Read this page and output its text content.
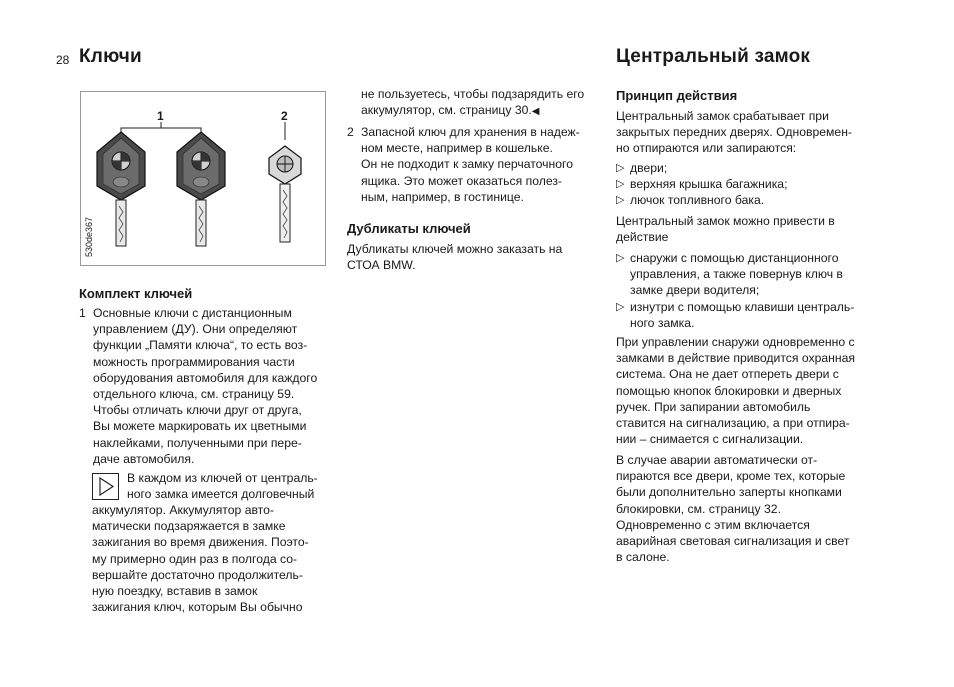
28 Ключи
1	2
530de367
Комплект ключей
1 Основные ключи с дистанционным
управлением (ДУ). Они определяют
функции „Памяти ключа“, то есть воз-
можность программирования части
оборудования автомобиля для каждого
отдельного ключа, см. страницу 59.
Чтобы отличать ключи друг от друга,
Вы можете маркировать их цветными
наклейками, полученными при пере-
даче автомобиля.
В каждом из ключей от централь-
ного замка имеется долговечный
аккумулятор. Аккумулятор авто-
матически подзаряжается в замке
зажигания во время движения. Поэто-
му примерно один раз в полгода со-
вершайте достаточно продолжитель-
ную поездку, вставив в замок
зажигания ключ, которым Вы обычно
не пользуетесь, чтобы подзарядить его
аккумулятор, см. страницу 30.◀
2 Запасной ключ для хранения в надеж-
ном месте, например в кошельке.
Он не подходит к замку перчаточного
ящика. Это может оказаться полез-
ным, например, в гостинице.
Дубликаты ключей
Дубликаты ключей можно заказать на
СТОА BMW.
Центральный замок
Принцип действия
Центральный замок срабатывает при
закрытых передних дверях. Одновремен-
но отпираются или запираются:
▷ двери;
▷ верхняя крышка багажника;
▷ лючок топливного бака.
Центральный замок можно привести в
действие
▷ снаружи с помощью дистанционного
управления, а также повернув ключ в
замке двери водителя;
▷ изнутри с помощью клавиши централь-
ного замка.
При управлении снаружи одновременно с
замками в действие приводится охранная
система. Она не дает отпереть двери с
помощью кнопок блокировки и дверных
ручек. При запирании автомобиль
ставится на сигнализацию, а при отпира-
нии – снимается с сигнализации.
В случае аварии автоматически от-
пираются все двери, кроме тех, которые
были дополнительно заперты кнопками
блокировки, см. страницу 32.
Одновременно с этим включается
аварийная световая сигнализация и свет
в салоне.
